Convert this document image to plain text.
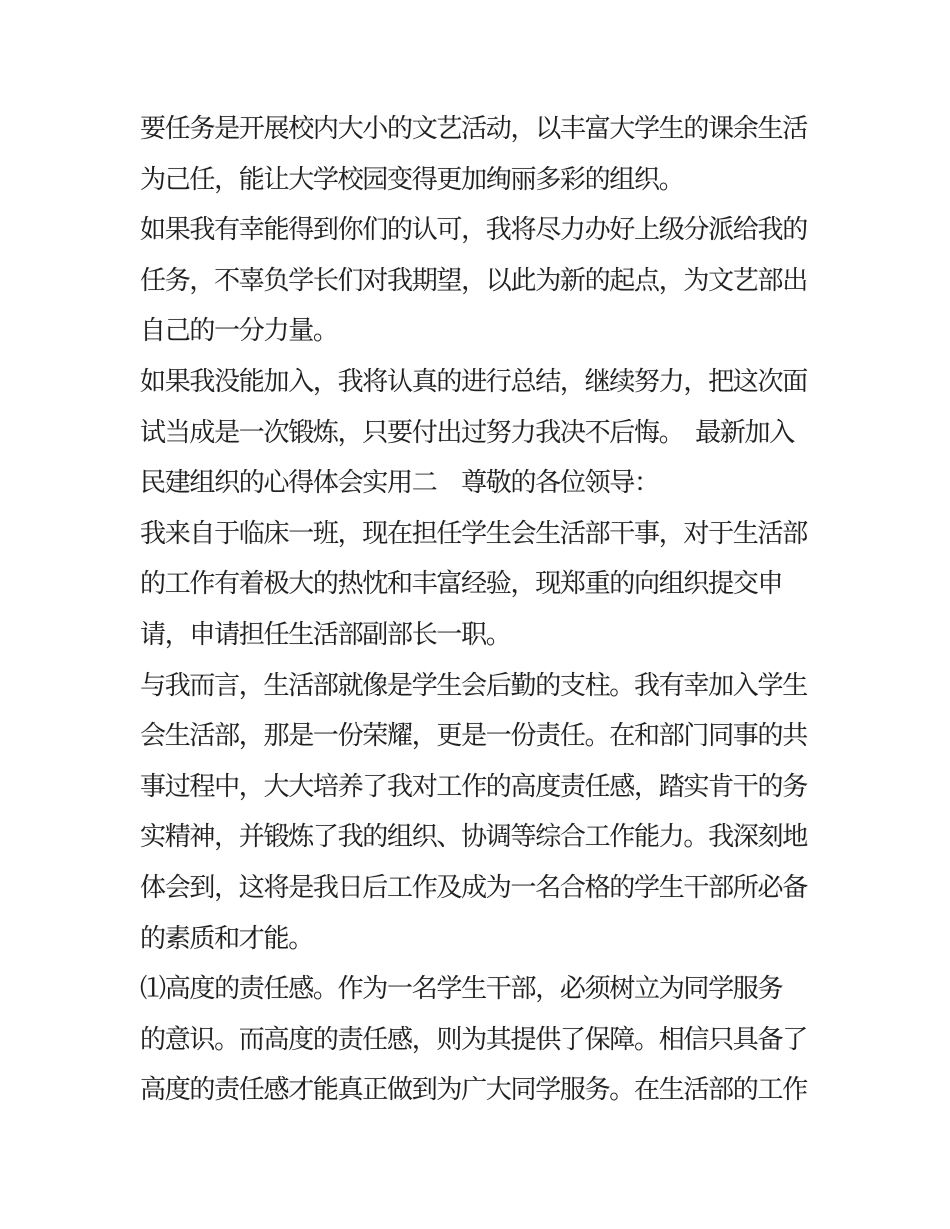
要任务是开展校内大小的文艺活动，以丰富大学生的课余生活

为己任，能让大学校园变得更加绚丽多彩的组织。

如果我有幸能得到你们的认可，我将尽力办好上级分派给我的

任务，不辜负学长们对我期望，以此为新的起点，为文艺部出

自己的一分力量。

如果我没能加入，我将认真的进行总结，继续努力，把这次面

试当成是一次锻炼，只要付出过努力我决不后悔。　最新加入

民建组织的心得体会实用二　尊敬的各位领导：

我来自于临床一班，现在担任学生会生活部干事，对于生活部

的工作有着极大的热忱和丰富经验，现郑重的向组织提交申

请，申请担任生活部副部长一职。

与我而言，生活部就像是学生会后勤的支柱。我有幸加入学生

会生活部，那是一份荣耀，更是一份责任。在和部门同事的共

事过程中，大大培养了我对工作的高度责任感，踏实肯干的务

实精神，并锻炼了我的组织、协调等综合工作能力。我深刻地

体会到，这将是我日后工作及成为一名合格的学生干部所必备

的素质和才能。

⑴高度的责任感。作为一名学生干部，必须树立为同学服务

的意识。而高度的责任感，则为其提供了保障。相信只具备了

高度的责任感才能真正做到为广大同学服务。在生活部的工作
